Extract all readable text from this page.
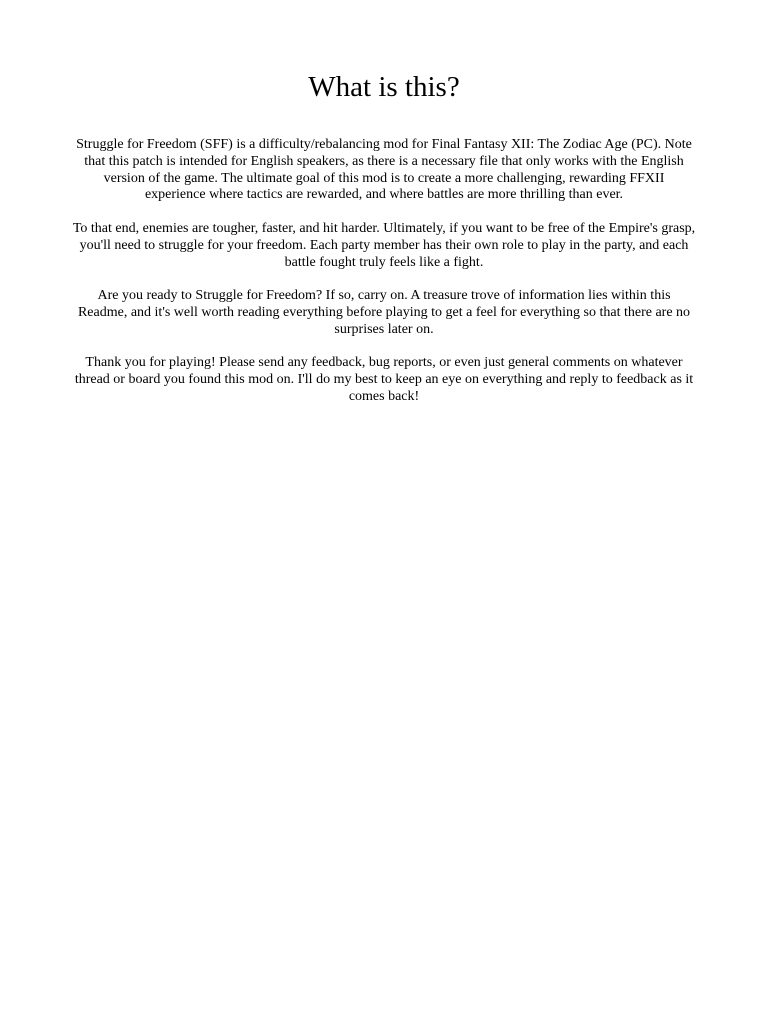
What is this?

Struggle for Freedom (SFF) is a difficulty/rebalancing mod for Final Fantasy XII: The Zodiac Age (PC). Note that this patch is intended for English speakers, as there is a necessary file that only works with the English version of the game. The ultimate goal of this mod is to create a more challenging, rewarding FFXII experience where tactics are rewarded, and where battles are more thrilling than ever.

To that end, enemies are tougher, faster, and hit harder. Ultimately, if you want to be free of the Empire's grasp, you'll need to struggle for your freedom. Each party member has their own role to play in the party, and each battle fought truly feels like a fight.

Are you ready to Struggle for Freedom? If so, carry on. A treasure trove of information lies within this Readme, and it's well worth reading everything before playing to get a feel for everything so that there are no surprises later on.

Thank you for playing! Please send any feedback, bug reports, or even just general comments on whatever thread or board you found this mod on. I'll do my best to keep an eye on everything and reply to feedback as it comes back!
